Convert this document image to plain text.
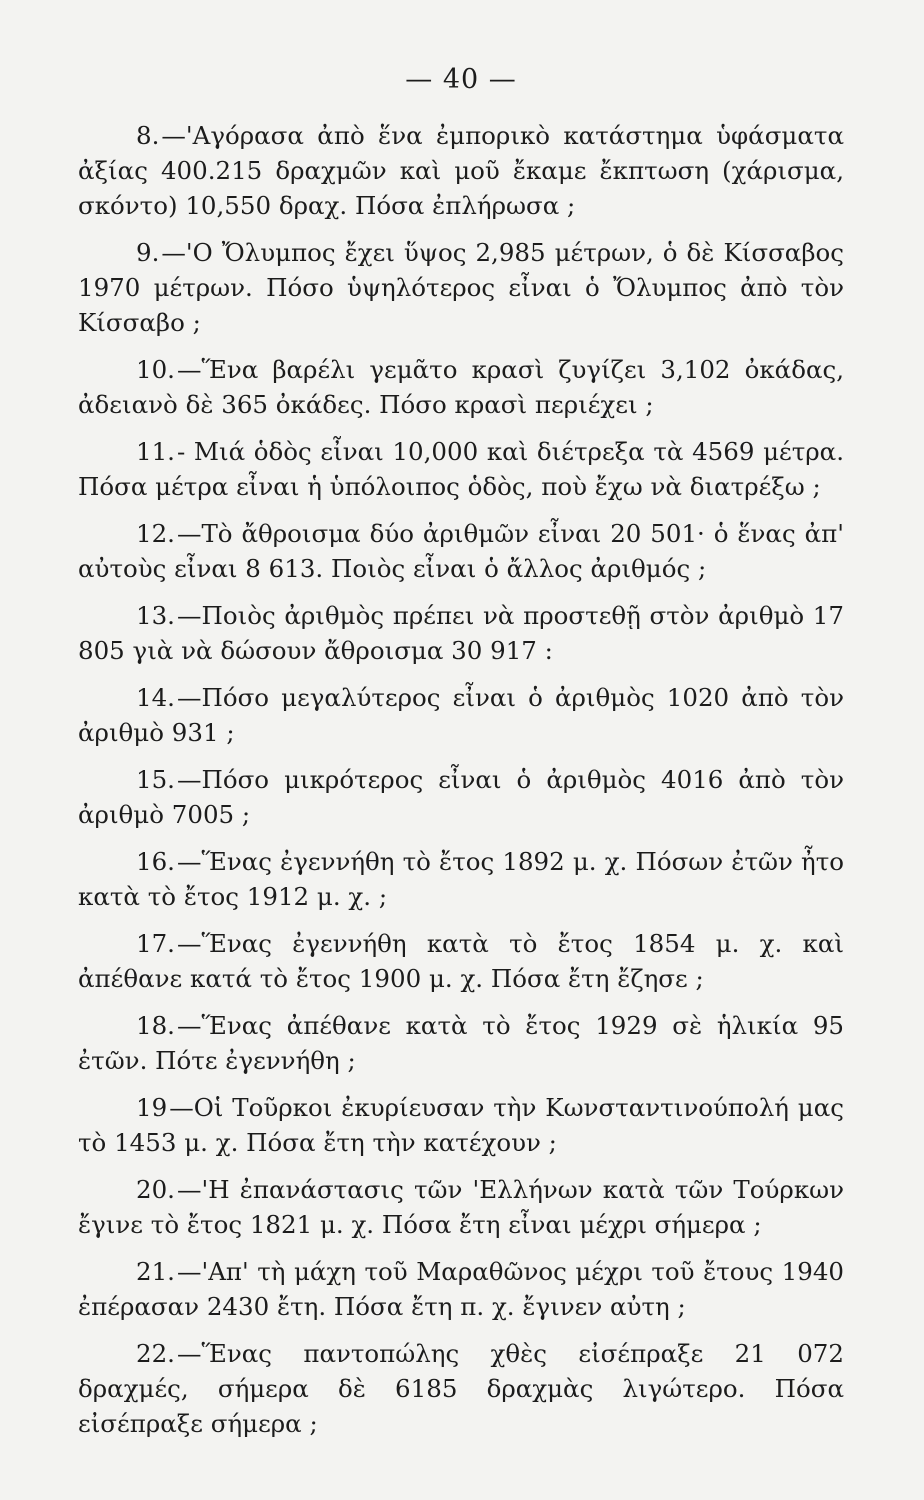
— 40 —

8.—'Αγόρασα ἀπὸ ἕνα ἐμπορικὸ κατάστημα ὑφάσματα ἀξίας 400.215 δραχμῶν καὶ μοῦ ἔκαμε ἔκπτωση (χάρισμα, σκόντο) 10,550 δραχ. Πόσα ἐπλήρωσα ;

9.—'Ο Ὄλυμπος ἔχει ὕψος 2,985 μέτρων, ὁ δὲ Κίσσαβος 1970 μέτρων. Πόσο ὑψηλότερος εἶναι ὁ Ὄλυμπος ἀπὸ τὸν Κίσσαβο ;

10.—Ἕνα βαρέλι γεμᾶτο κρασὶ ζυγίζει 3,102 ὀκάδας, ἀδειανὸ δὲ 365 ὀκάδες. Πόσο κρασὶ περιέχει ;

11.- Μιά ὁδὸς εἶναι 10,000 καὶ διέτρεξα τὰ 4569 μέτρα. Πόσα μέτρα εἶναι ἡ ὑπόλοιπος ὁδὸς, ποὺ ἔχω νὰ διατρέξω ;

12.—Τὸ ἄθροισμα δύο ἀριθμῶν εἶναι 20 501· ὁ ἕνας ἀπ' αὐτοὺς εἶναι 8 613. Ποιὸς εἶναι ὁ ἄλλος ἀριθμός ;

13.—Ποιὸς ἀριθμὸς πρέπει νὰ προστεθῇ στὸν ἀριθμὸ 17 805 γιὰ νὰ δώσουν ἄθροισμα 30 917 :

14.—Πόσο μεγαλύτερος εἶναι ὁ ἀριθμὸς 1020 ἀπὸ τὸν ἀριθμὸ 931 ;

15.—Πόσο μικρότερος εἶναι ὁ ἀριθμὸς 4016 ἀπὸ τὸν ἀριθμὸ 7005 ;

16.—Ἕνας ἐγεννήθη τὸ ἔτος 1892 μ. χ. Πόσων ἐτῶν ἦτο κατὰ τὸ ἔτος 1912 μ. χ. ;

17.—Ἕνας ἐγεννήθη κατὰ τὸ ἔτος 1854 μ. χ. καὶ ἀπέθανε κατά τὸ ἔτος 1900 μ. χ. Πόσα ἔτη ἔζησε ;

18.—Ἕνας ἀπέθανε κατὰ τὸ ἔτος 1929 σὲ ἡλικία 95 ἐτῶν. Πότε ἐγεννήθη ;

19—Οἱ Τοῦρκοι ἐκυρίευσαν τὴν Κωνσταντινούπολή μας τὸ 1453 μ. χ. Πόσα ἔτη τὴν κατέχουν ;

20.—'Η ἐπανάστασις τῶν 'Ελλήνων κατὰ τῶν Τούρκων ἔγινε τὸ ἔτος 1821 μ. χ. Πόσα ἔτη εἶναι μέχρι σήμερα ;

21.—'Απ' τὴ μάχη τοῦ Μαραθῶνος μέχρι τοῦ ἔτους 1940 ἐπέρασαν 2430 ἔτη. Πόσα ἔτη π. χ. ἔγινεν αὐτη ;

22.—Ἕνας παντοπώλης χθὲς εἰσέπραξε 21 072 δραχμές, σήμερα δὲ 6185 δραχμὰς λιγώτερο. Πόσα εἰσέπραξε σήμερα ;
